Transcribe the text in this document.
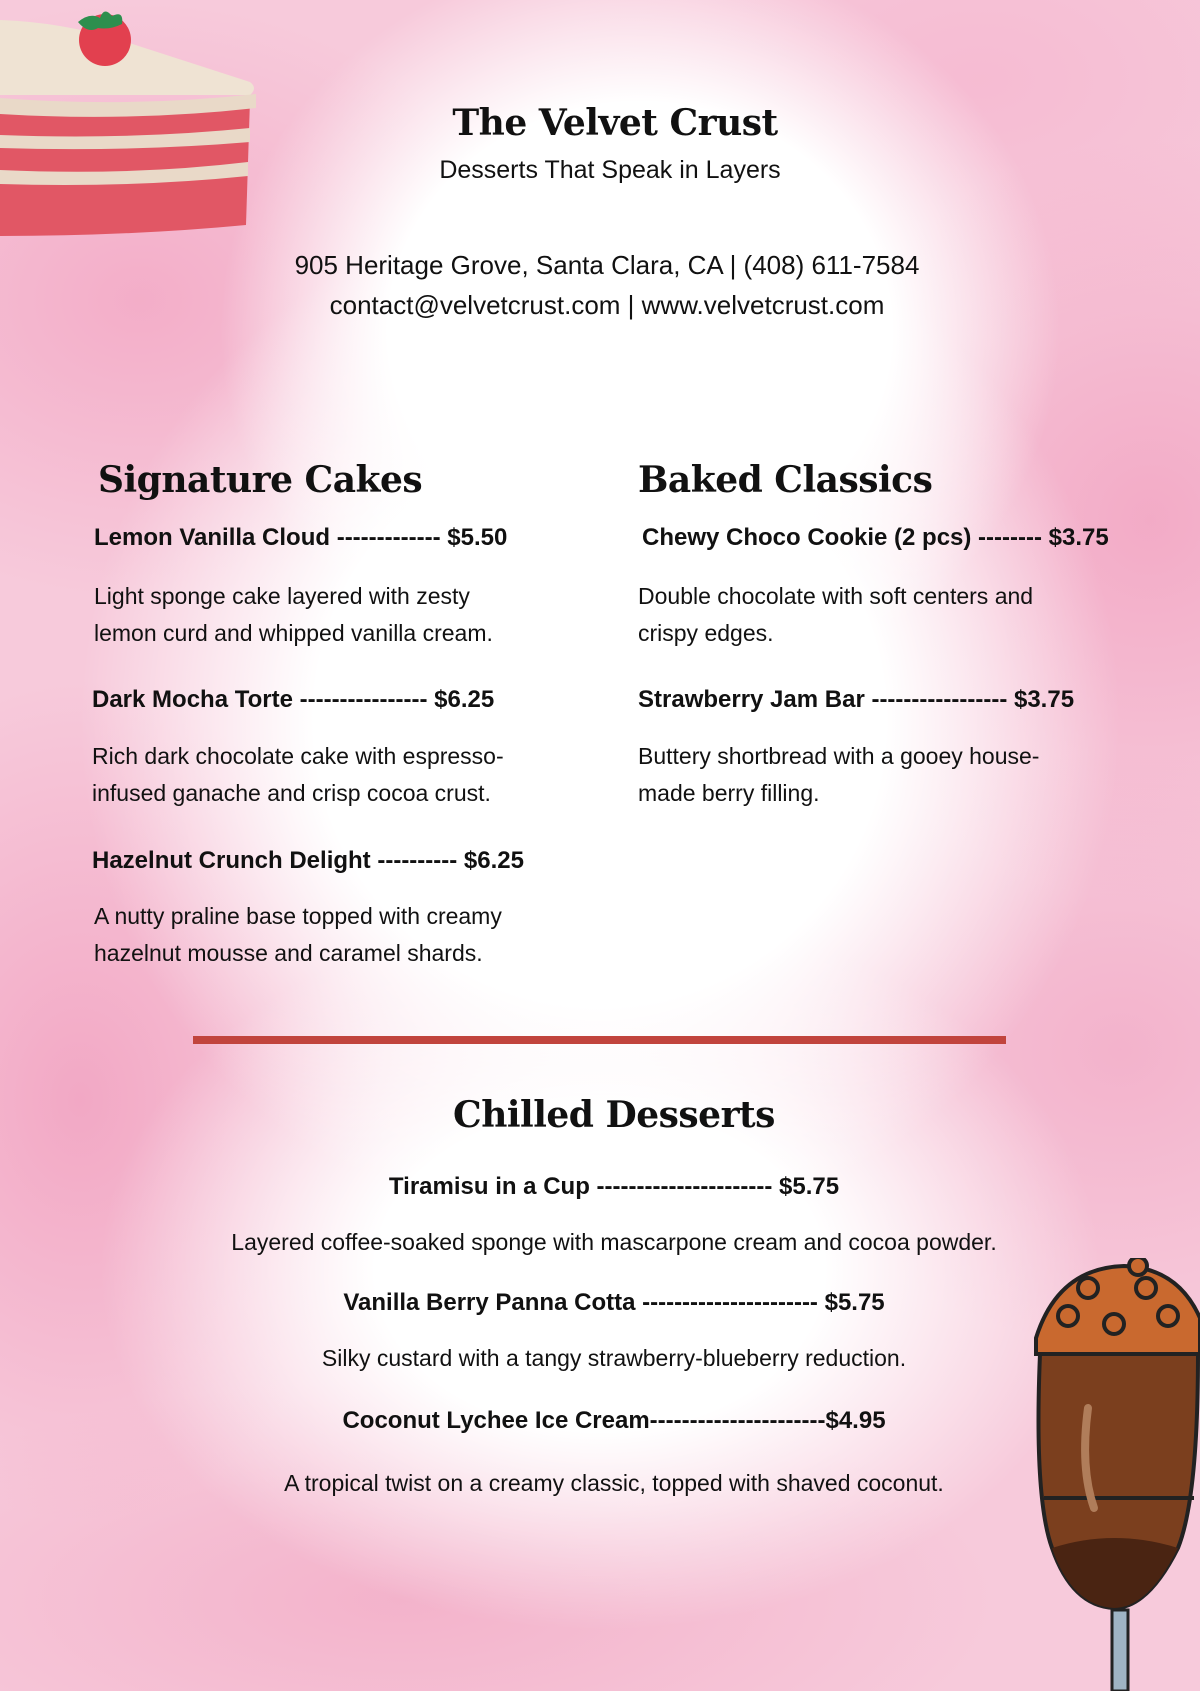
The Velvet Crust
Desserts That Speak in Layers
905 Heritage Grove, Santa Clara, CA | (408) 611-7584
contact@velvetcrust.com | www.velvetcrust.com
Signature Cakes
Lemon Vanilla Cloud ------------- $5.50
Light sponge cake layered with zesty
lemon curd and whipped vanilla cream.
Dark Mocha Torte ---------------- $6.25
Rich dark chocolate cake with espresso-
infused ganache and crisp cocoa crust.
Hazelnut Crunch Delight ---------- $6.25
A nutty praline base topped with creamy
hazelnut mousse and caramel shards.
Baked Classics
Chewy Choco Cookie (2 pcs) -------- $3.75
Double chocolate with soft centers and
crispy edges.
Strawberry Jam Bar ----------------- $3.75
Buttery shortbread with a gooey house-
made berry filling.
Chilled Desserts
Tiramisu in a Cup ---------------------- $5.75
Layered coffee-soaked sponge with mascarpone cream and cocoa powder.
Vanilla Berry Panna Cotta ---------------------- $5.75
Silky custard with a tangy strawberry-blueberry reduction.
Coconut Lychee Ice Cream----------------------$4.95
A tropical twist on a creamy classic, topped with shaved coconut.
